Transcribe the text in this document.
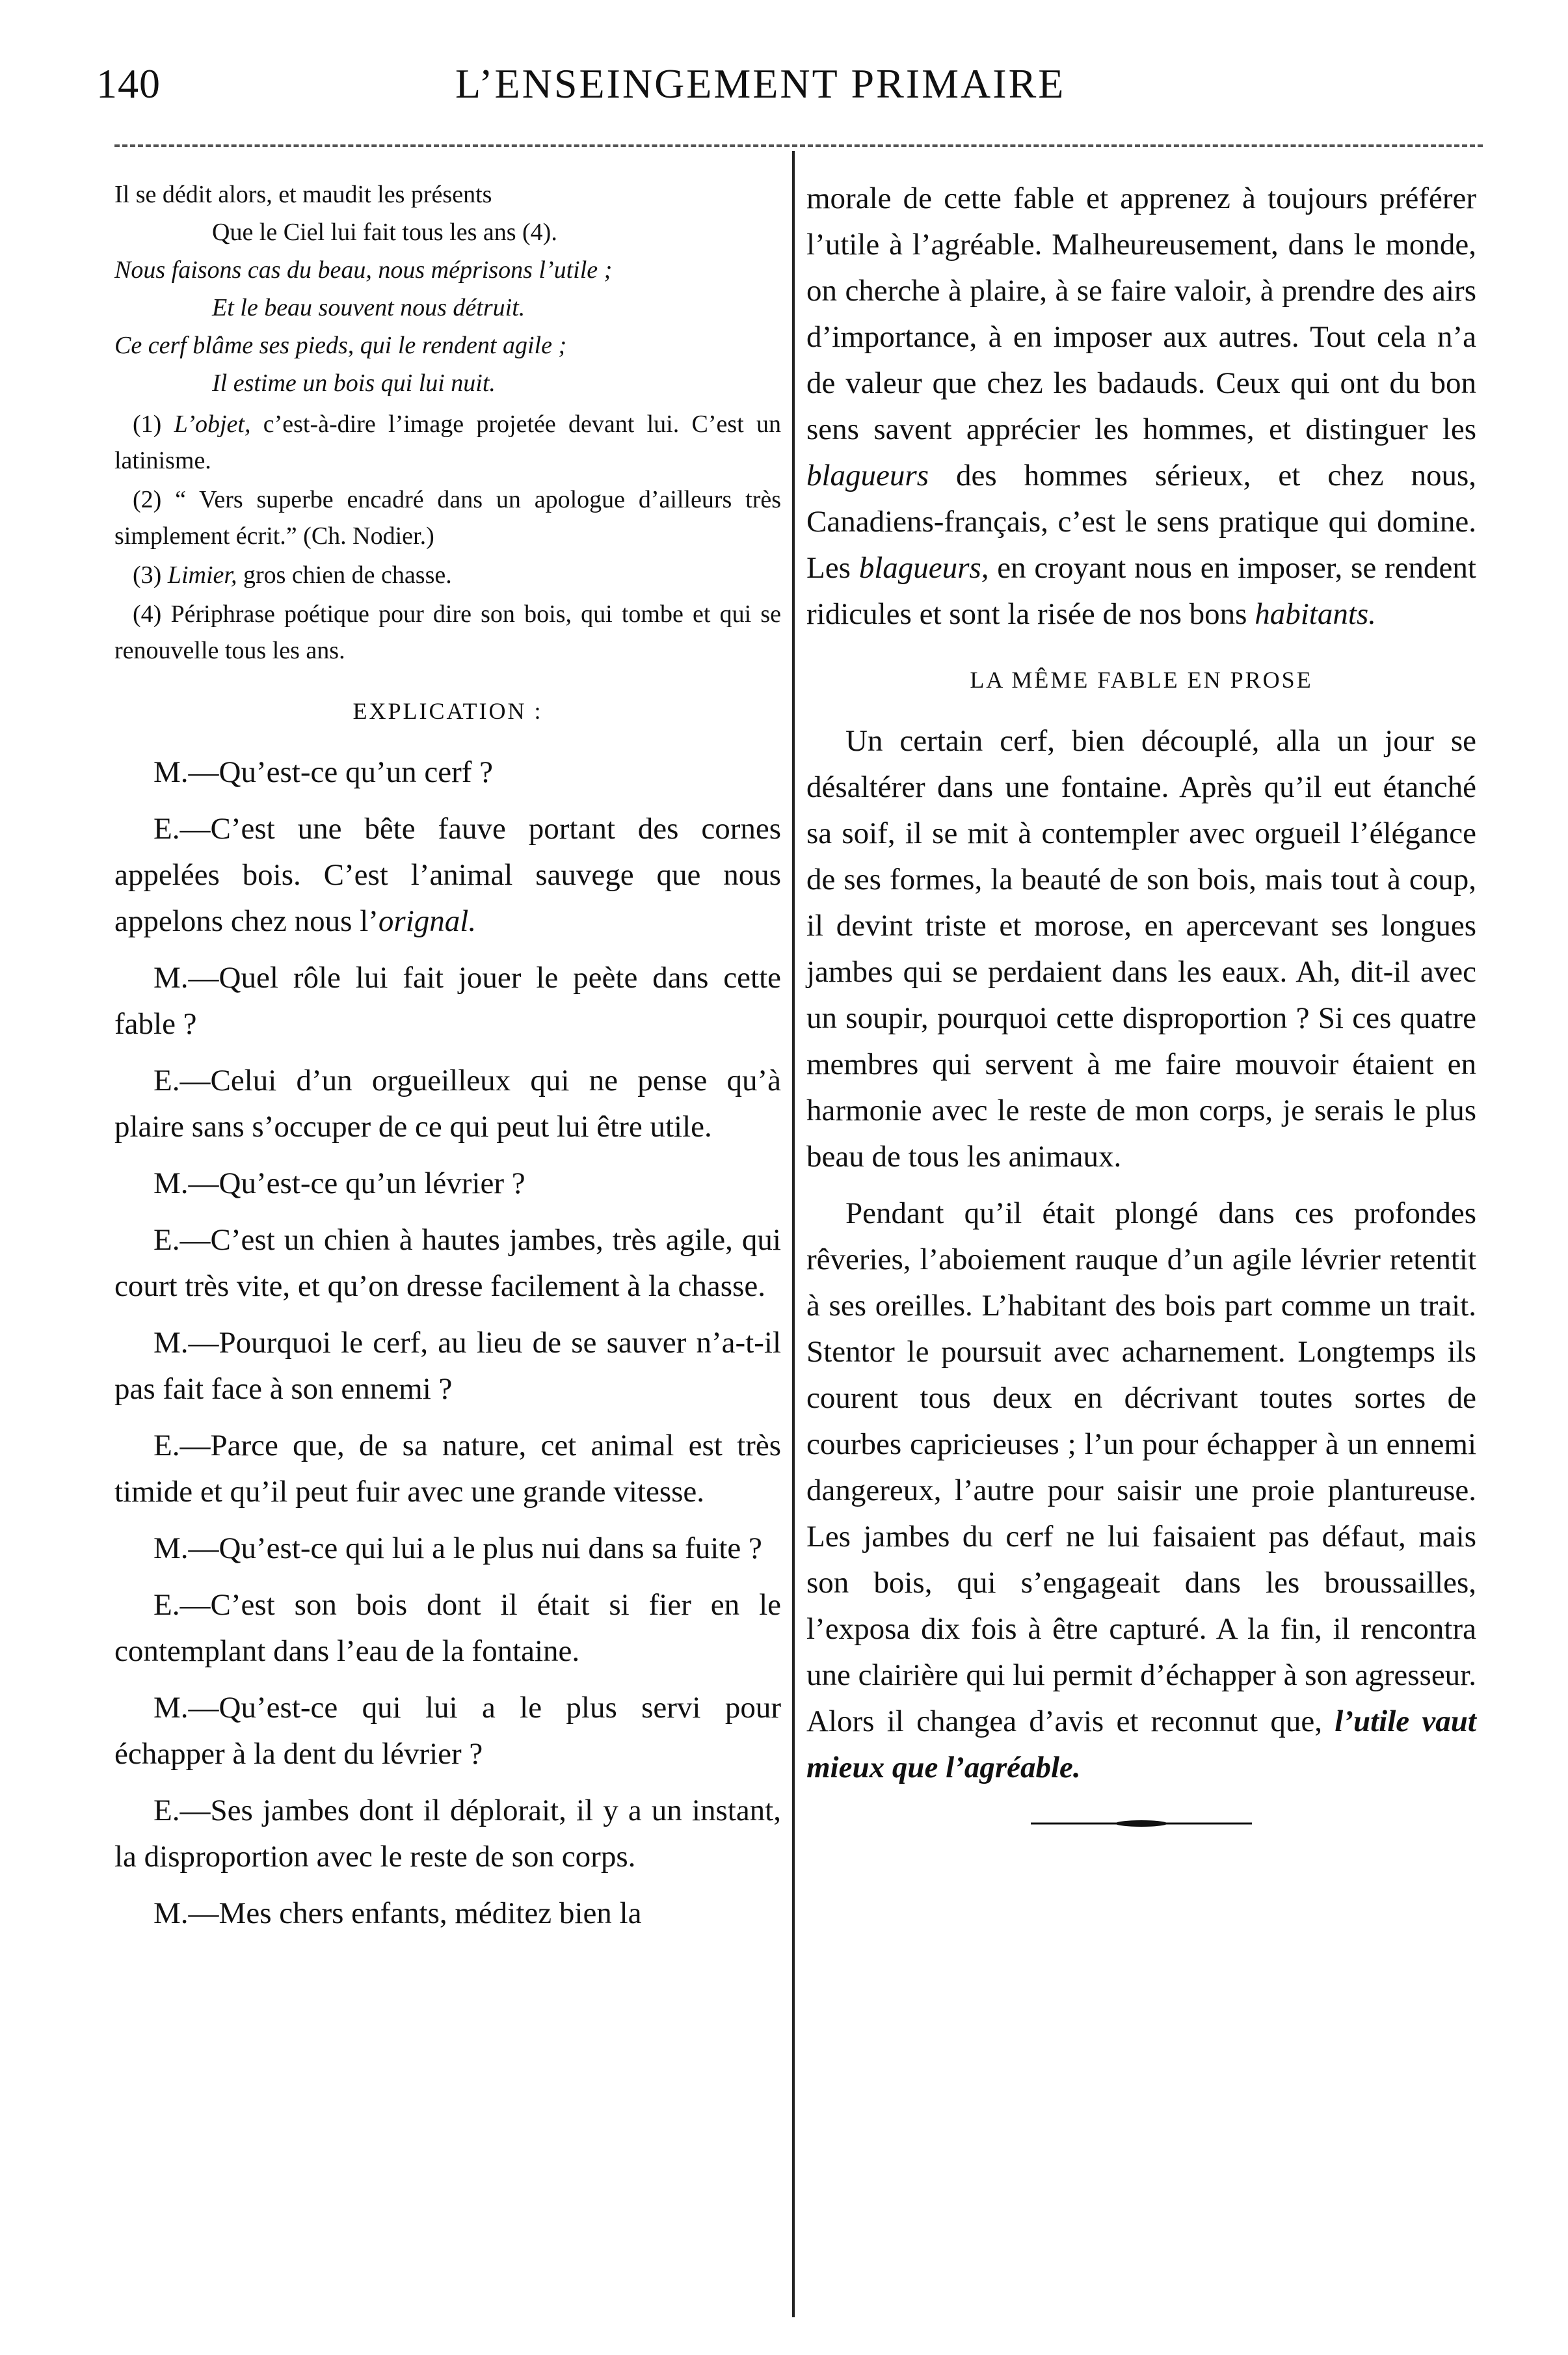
140	L’ENSEINGEMENT PRIMAIRE

Il se dédit alors, et maudit les présents

Que le Ciel lui fait tous les ans (4).

Nous faisons cas du beau, nous méprisons l’utile ;

Et le beau souvent nous détruit.

Ce cerf blâme ses pieds, qui le rendent agile ;

Il estime un bois qui lui nuit.

(1) L’objet, c’est-à-dire l’image projetée devant lui. C’est un latinisme.

(2) “ Vers superbe encadré dans un apologue d’ailleurs très simplement écrit.” (Ch. Nodier.)

(3) Limier, gros chien de chasse.

(4) Périphrase poétique pour dire son bois, qui tombe et qui se renouvelle tous les ans.

EXPLICATION :

M.—Qu’est-ce qu’un cerf ?

E.—C’est une bête fauve portant des cornes appelées bois. C’est l’animal sauvege que nous appelons chez nous l’orignal.

M.—Quel rôle lui fait jouer le peète dans cette fable ?

E.—Celui d’un orgueilleux qui ne pense qu’à plaire sans s’occuper de ce qui peut lui être utile.

M.—Qu’est-ce qu’un lévrier ?

E.—C’est un chien à hautes jambes, très agile, qui court très vite, et qu’on dresse facilement à la chasse.

M.—Pourquoi le cerf, au lieu de se sauver n’a-t-il pas fait face à son ennemi ?

E.—Parce que, de sa nature, cet animal est très timide et qu’il peut fuir avec une grande vitesse.

M.—Qu’est-ce qui lui a le plus nui dans sa fuite ?

E.—C’est son bois dont il était si fier en le contemplant dans l’eau de la fontaine.

M.—Qu’est-ce qui lui a le plus servi pour échapper à la dent du lévrier ?

E.—Ses jambes dont il déplorait, il y a un instant, la disproportion avec le reste de son corps.

M.—Mes chers enfants, méditez bien la

morale de cette fable et apprenez à toujours préférer l’utile à l’agréable. Malheureusement, dans le monde, on cherche à plaire, à se faire valoir, à prendre des airs d’importance, à en imposer aux autres. Tout cela n’a de valeur que chez les badauds. Ceux qui ont du bon sens savent apprécier les hommes, et distinguer les blagueurs des hommes sérieux, et chez nous, Canadiens-français, c’est le sens pratique qui domine. Les blagueurs, en croyant nous en imposer, se rendent ridicules et sont la risée de nos bons habitants.

LA MÊME FABLE EN PROSE

Un certain cerf, bien découplé, alla un jour se désaltérer dans une fontaine. Après qu’il eut étanché sa soif, il se mit à contempler avec orgueil l’élégance de ses formes, la beauté de son bois, mais tout à coup, il devint triste et morose, en apercevant ses longues jambes qui se perdaient dans les eaux. Ah, dit-il avec un soupir, pourquoi cette disproportion ? Si ces quatre membres qui servent à me faire mouvoir étaient en harmonie avec le reste de mon corps, je serais le plus beau de tous les animaux.

Pendant qu’il était plongé dans ces profondes rêveries, l’aboiement rauque d’un agile lévrier retentit à ses oreilles. L’habitant des bois part comme un trait. Stentor le poursuit avec acharnement. Longtemps ils courent tous deux en décrivant toutes sortes de courbes capricieuses ; l’un pour échapper à un ennemi dangereux, l’autre pour saisir une proie plantureuse. Les jambes du cerf ne lui faisaient pas défaut, mais son bois, qui s’engageait dans les broussailles, l’exposa dix fois à être capturé. A la fin, il rencontra une clairière qui lui permit d’échapper à son agresseur. Alors il changea d’avis et reconnut que, l’utile vaut mieux que l’agréable.
